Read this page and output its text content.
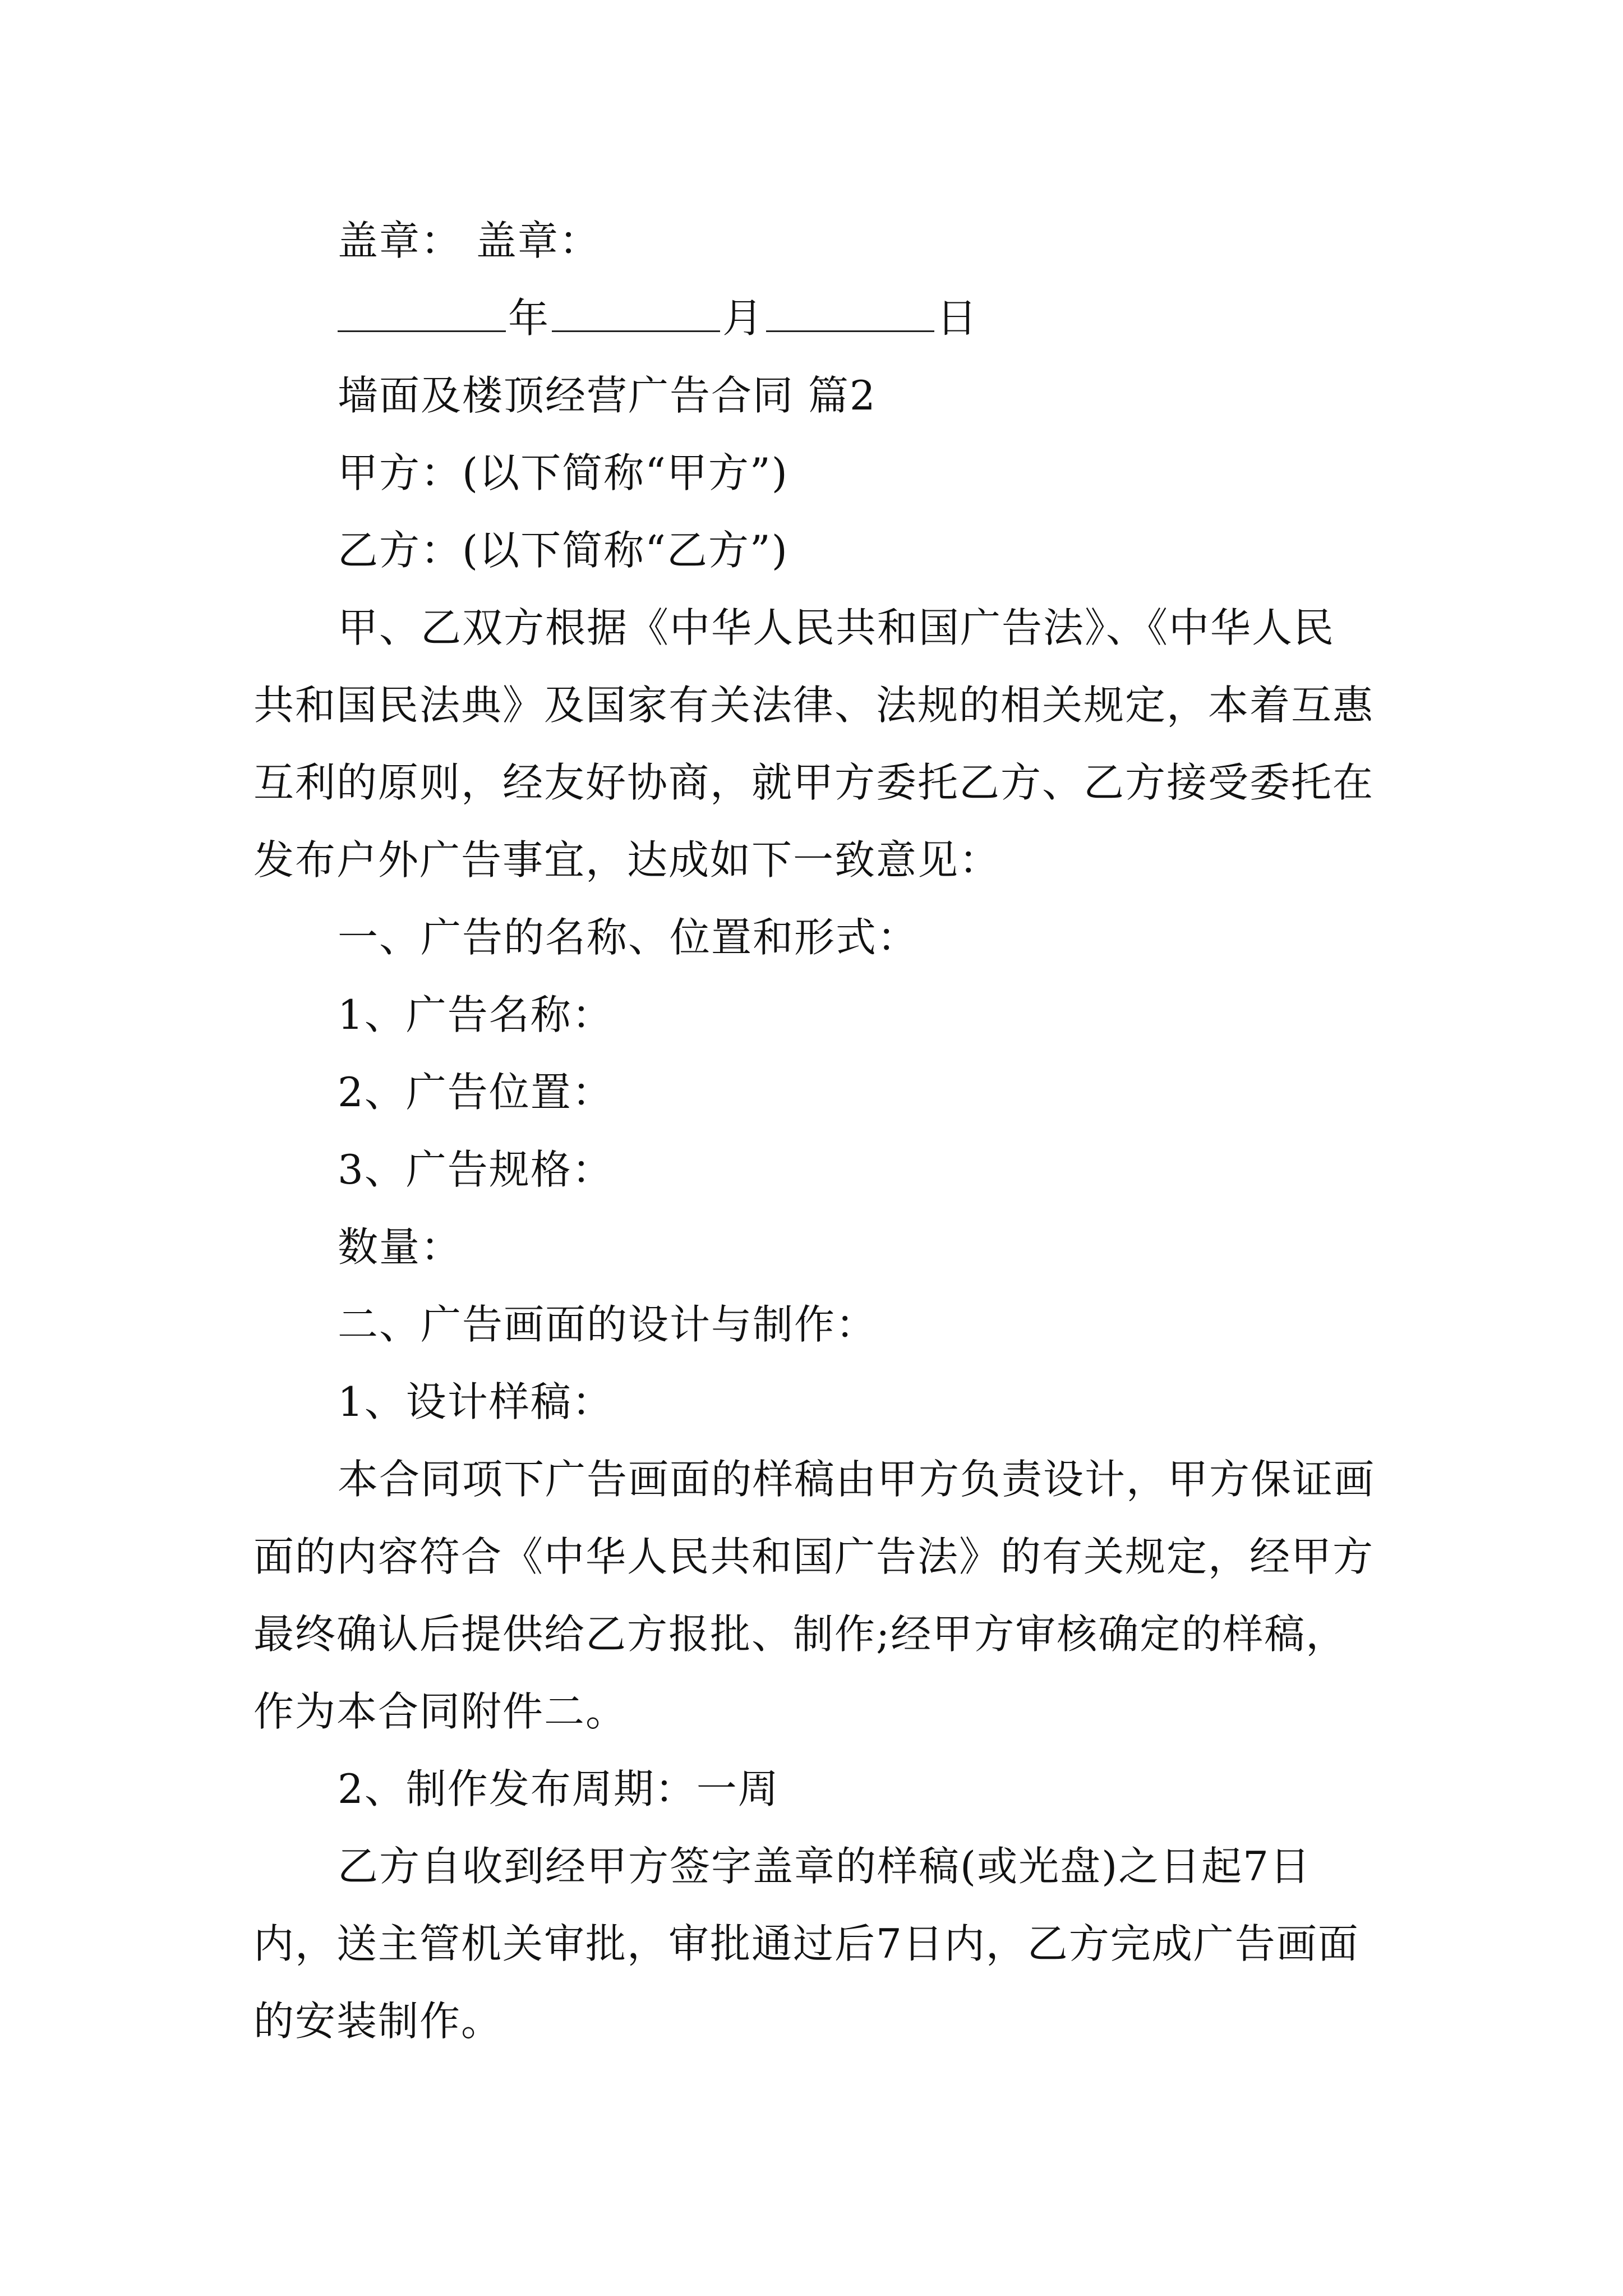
盖章： 盖章：
年	月	日
墙面及楼顶经营广告合同 篇2
甲方：(以下简称“甲方”)
乙方：(以下简称“乙方”)
甲、乙双方根据《中华人民共和国广告法》、《中华人民共和国民法典》及国家有关法律、法规的相关规定，本着互惠互利的原则，经友好协商，就甲方委托乙方、乙方接受委托在发布户外广告事宜，达成如下一致意见：
一、广告的名称、位置和形式：
1、广告名称：
2、广告位置：
3、广告规格：
数量：
二、广告画面的设计与制作：
1、设计样稿：
本合同项下广告画面的样稿由甲方负责设计，甲方保证画面的内容符合《中华人民共和国广告法》的有关规定，经甲方最终确认后提供给乙方报批、制作;经甲方审核确定的样稿，作为本合同附件二。
2、制作发布周期：一周
乙方自收到经甲方签字盖章的样稿(或光盘)之日起7日内，送主管机关审批，审批通过后7日内，乙方完成广告画面的安装制作。
